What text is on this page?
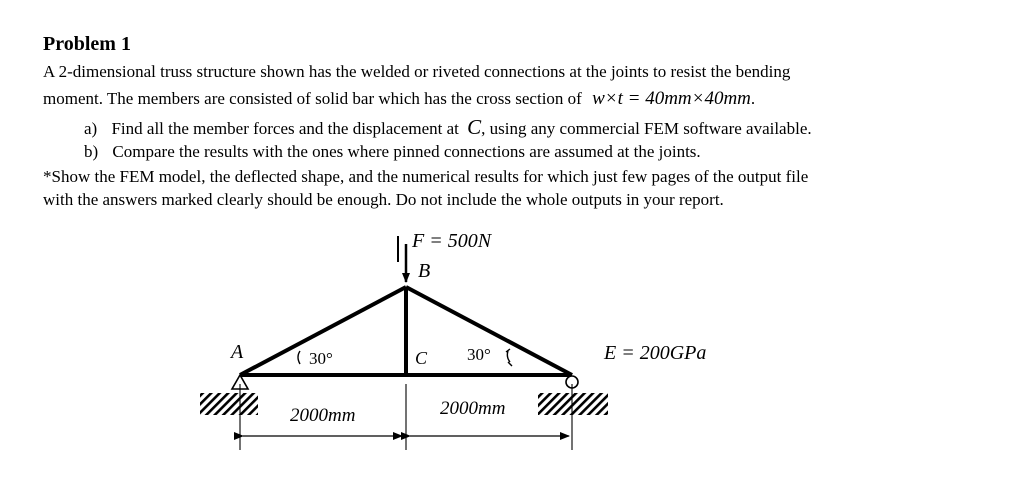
Problem 1
A 2-dimensional truss structure shown has the welded or riveted connections at the joints to resist the bending
moment. The members are consisted of solid bar which has the cross section of w×t = 40mm×40mm.
a) Find all the member forces and the displacement at C, using any commercial FEM software available.
b) Compare the results with the ones where pinned connections are assumed at the joints.
*Show the FEM model, the deflected shape, and the numerical results for which just few pages of the output file
with the answers marked clearly should be enough. Do not include the whole outputs in your report.
F = 500N
B
A	C
30°	30°	E = 200GPa
2000mm	2000mm
